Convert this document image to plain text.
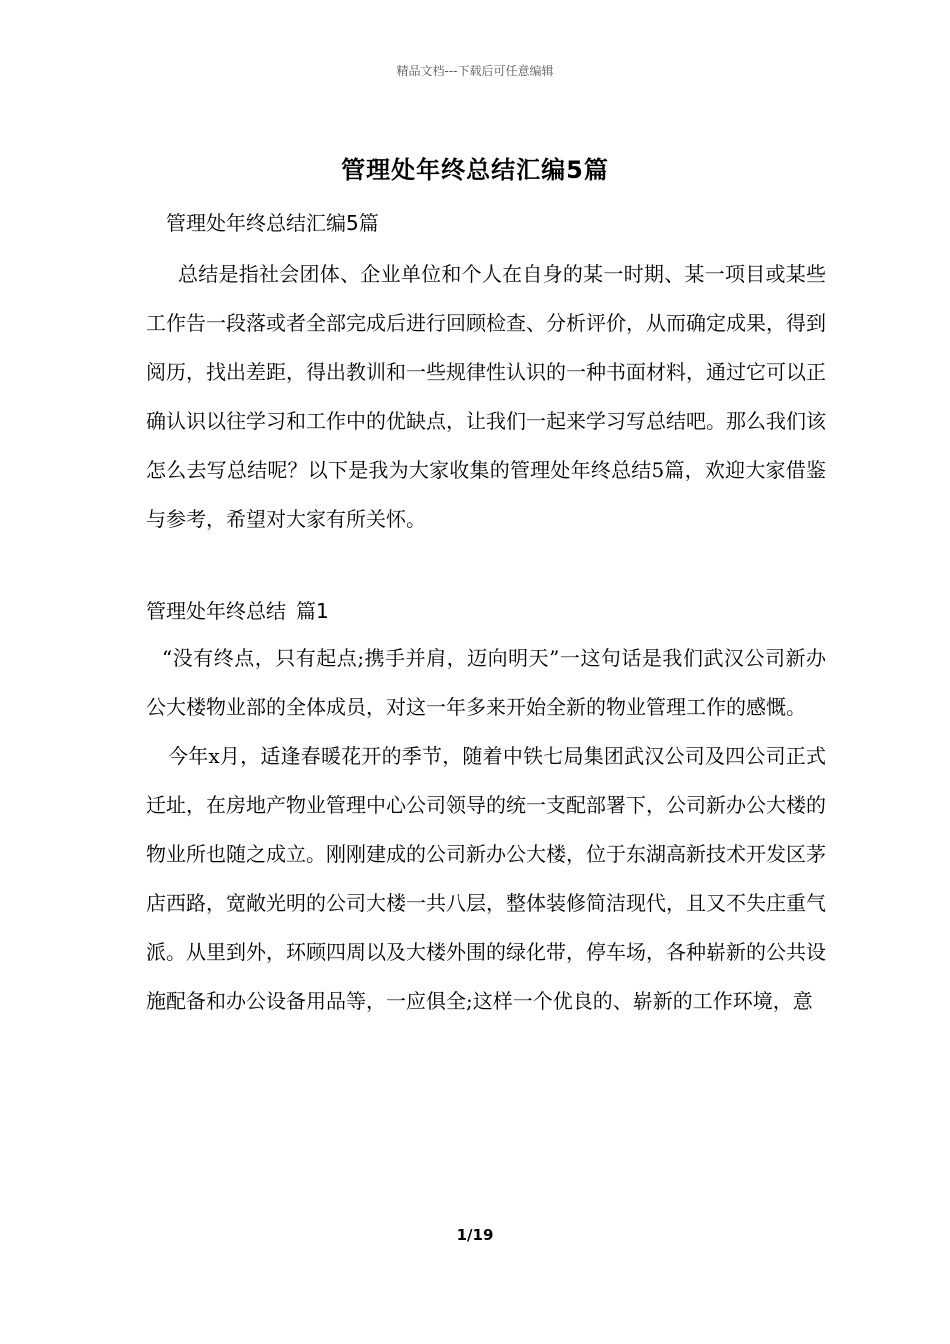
精品文档---下载后可任意编辑
管理处年终总结汇编5篇

管理处年终总结汇编5篇

总结是指社会团体、企业单位和个人在自身的某一时期、某一项目或某些工作告一段落或者全部完成后进行回顾检查、分析评价，从而确定成果，得到阅历，找出差距，得出教训和一些规律性认识的一种书面材料，通过它可以正确认识以往学习和工作中的优缺点，让我们一起来学习写总结吧。那么我们该怎么去写总结呢？以下是我为大家收集的管理处年终总结5篇，欢迎大家借鉴与参考，希望对大家有所关怀。

管理处年终总结 篇1

“没有终点，只有起点;携手并肩，迈向明天”一这句话是我们武汉公司新办公大楼物业部的全体成员，对这一年多来开始全新的物业管理工作的感慨。

今年x月，适逢春暖花开的季节，随着中铁七局集团武汉公司及四公司正式迁址，在房地产物业管理中心公司领导的统一支配部署下，公司新办公大楼的物业所也随之成立。刚刚建成的公司新办公大楼，位于东湖高新技术开发区茅店西路，宽敞光明的公司大楼一共八层，整体装修简洁现代，且又不失庄重气派。从里到外，环顾四周以及大楼外围的绿化带，停车场，各种崭新的公共设施配备和办公设备用品等，一应俱全;这样一个优良的、崭新的工作环境，意

1/19
